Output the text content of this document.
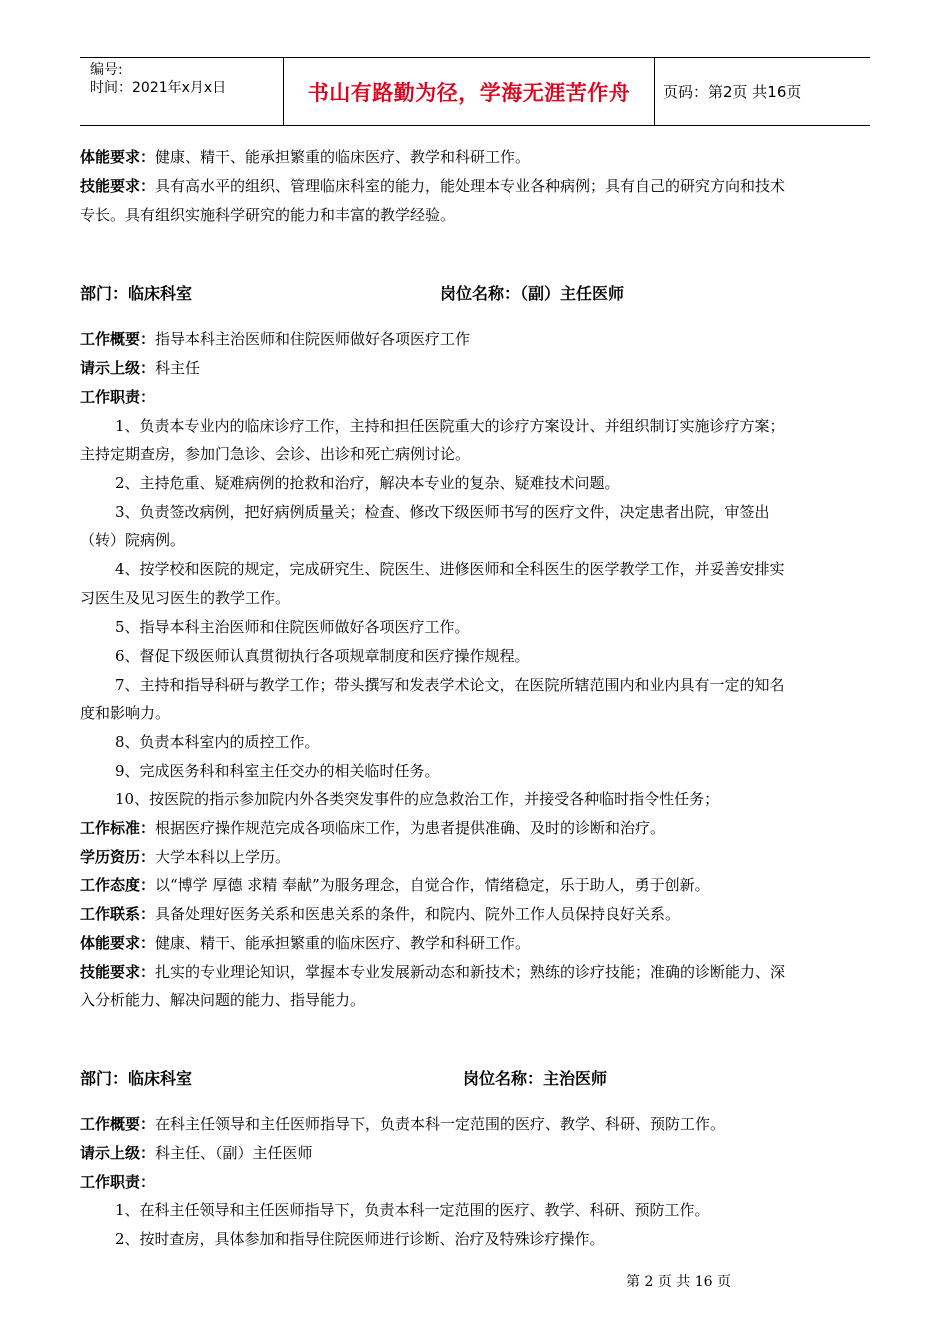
编号:
时间：2021年x月x日	书山有路勤为径，学海无涯苦作舟	页码：第2页 共16页
体能要求：健康、精干、能承担繁重的临床医疗、教学和科研工作。
技能要求：具有高水平的组织、管理临床科室的能力，能处理本专业各种病例；具有自己的研究方向和技术
专长。具有组织实施科学研究的能力和丰富的教学经验。
部门：临床科室	岗位名称：（副）主任医师
工作概要：指导本科主治医师和住院医师做好各项医疗工作
请示上级：科主任
工作职责：
1、负责本专业内的临床诊疗工作，主持和担任医院重大的诊疗方案设计、并组织制订实施诊疗方案；
主持定期查房，参加门急诊、会诊、出诊和死亡病例讨论。
2、主持危重、疑难病例的抢救和治疗，解决本专业的复杂、疑难技术问题。
3、负责签改病例，把好病例质量关；检查、修改下级医师书写的医疗文件，决定患者出院，审签出
（转）院病例。
4、按学校和医院的规定，完成研究生、院医生、进修医师和全科医生的医学教学工作，并妥善安排实
习医生及见习医生的教学工作。
5、指导本科主治医师和住院医师做好各项医疗工作。
6、督促下级医师认真贯彻执行各项规章制度和医疗操作规程。
7、主持和指导科研与教学工作；带头撰写和发表学术论文，在医院所辖范围内和业内具有一定的知名
度和影响力。
8、负责本科室内的质控工作。
9、完成医务科和科室主任交办的相关临时任务。
10、按医院的指示参加院内外各类突发事件的应急救治工作，并接受各种临时指令性任务；
工作标准：根据医疗操作规范完成各项临床工作，为患者提供准确、及时的诊断和治疗。
学历资历：大学本科以上学历。
工作态度：以“博学 厚德 求精 奉献”为服务理念，自觉合作，情绪稳定，乐于助人，勇于创新。
工作联系：具备处理好医务关系和医患关系的条件，和院内、院外工作人员保持良好关系。
体能要求：健康、精干、能承担繁重的临床医疗、教学和科研工作。
技能要求：扎实的专业理论知识，掌握本专业发展新动态和新技术；熟练的诊疗技能；准确的诊断能力、深
入分析能力、解决问题的能力、指导能力。
部门：临床科室	岗位名称：主治医师
工作概要：在科主任领导和主任医师指导下，负责本科一定范围的医疗、教学、科研、预防工作。
请示上级：科主任、（副）主任医师
工作职责：
1、在科主任领导和主任医师指导下，负责本科一定范围的医疗、教学、科研、预防工作。
2、按时查房，具体参加和指导住院医师进行诊断、治疗及特殊诊疗操作。
第 2 页 共 16 页
